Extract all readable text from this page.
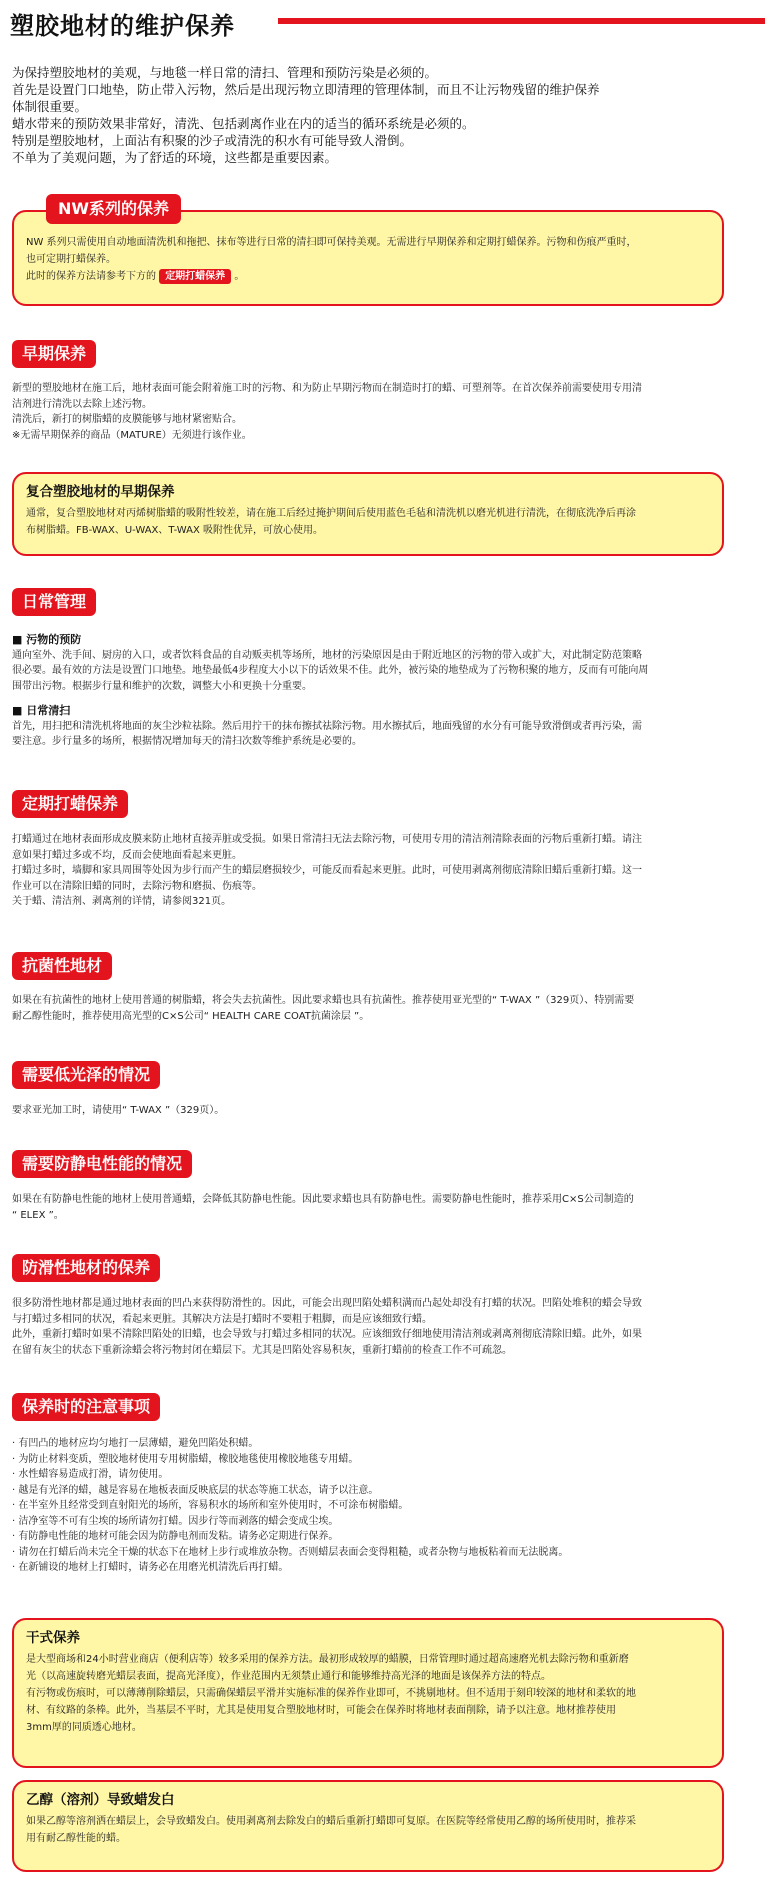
塑胶地材的维护保养

为保持塑胶地材的美观，与地毯一样日常的清扫、管理和预防污染是必须的。

首先是设置门口地垫，防止带入污物，然后是出现污物立即清理的管理体制，而且不让污物残留的维护保养

体制很重要。

蜡水带来的预防效果非常好，清洗、包括剥离作业在内的适当的循环系统是必须的。

特别是塑胶地材，上面沾有积聚的沙子或清洗的积水有可能导致人滑倒。

不单为了美观问题，为了舒适的环境，这些都是重要因素。

NW系列的保养

NW 系列只需使用自动地面清洗机和拖把、抹布等进行日常的清扫即可保持美观。无需进行早期保养和定期打蜡保养。污物和伤痕严重时，

也可定期打蜡保养。

此时的保养方法请参考下方的 定期打蜡保养 。

早期保养

新型的塑胶地材在施工后，地材表面可能会附着施工时的污物、和为防止早期污物而在制造时打的蜡、可塑剂等。在首次保养前需要使用专用清

洁剂进行清洗以去除上述污物。

清洗后，新打的树脂蜡的皮膜能够与地材紧密贴合。

※无需早期保养的商品（MATURE）无须进行该作业。

复合塑胶地材的早期保养

通常，复合塑胶地材对丙烯树脂蜡的吸附性较差，请在施工后经过掩护期间后使用蓝色毛毡和清洗机以磨光机进行清洗，在彻底洗净后再涂

布树脂蜡。FB-WAX、U-WAX、T-WAX 吸附性优异，可放心使用。

日常管理

■ 污物的预防

通向室外、洗手间、厨房的入口，或者饮料食品的自动贩卖机等场所，地材的污染原因是由于附近地区的污物的带入或扩大，对此制定防范策略

很必要。最有效的方法是设置门口地垫。地垫最低4步程度大小以下的话效果不佳。此外，被污染的地垫成为了污物积聚的地方，反而有可能向周

围带出污物。根据步行量和维护的次数，调整大小和更换十分重要。

■ 日常清扫

首先，用扫把和清洗机将地面的灰尘沙粒祛除。然后用拧干的抹布擦拭祛除污物。用水擦拭后，地面残留的水分有可能导致滑倒或者再污染，需

要注意。步行量多的场所，根据情况增加每天的清扫次数等维护系统是必要的。

定期打蜡保养

打蜡通过在地材表面形成皮膜来防止地材直接弄脏或受损。如果日常清扫无法去除污物，可使用专用的清洁剂清除表面的污物后重新打蜡。请注

意如果打蜡过多或不均，反而会使地面看起来更脏。

打蜡过多时，墙脚和家具周围等处因为步行而产生的蜡层磨损较少，可能反而看起来更脏。此时，可使用剥离剂彻底清除旧蜡后重新打蜡。这一

作业可以在清除旧蜡的同时，去除污物和磨损、伤痕等。

关于蜡、清洁剂、剥离剂的详情，请参阅321页。

抗菌性地材

如果在有抗菌性的地材上使用普通的树脂蜡，将会失去抗菌性。因此要求蜡也具有抗菌性。推荐使用亚光型的“ T-WAX ”（329页）、特别需要

耐乙醇性能时，推荐使用高光型的C×S公司“ HEALTH CARE COAT抗菌涂层 ”。

需要低光泽的情况

要求亚光加工时，请使用“ T-WAX ”（329页）。

需要防静电性能的情况

如果在有防静电性能的地材上使用普通蜡，会降低其防静电性能。因此要求蜡也具有防静电性。需要防静电性能时，推荐采用C×S公司制造的

“ ELEX ”。

防滑性地材的保养

很多防滑性地材都是通过地材表面的凹凸来获得防滑性的。因此，可能会出现凹陷处蜡积满而凸起处却没有打蜡的状况。凹陷处堆积的蜡会导致

与打蜡过多相同的状况，看起来更脏。其解决方法是打蜡时不要粗于粗脚，而是应该细致行蜡。

此外，重新打蜡时如果不清除凹陷处的旧蜡，也会导致与打蜡过多相同的状况。应该细致仔细地使用清洁剂或剥离剂彻底清除旧蜡。此外，如果

在留有灰尘的状态下重新涂蜡会将污物封闭在蜡层下。尤其是凹陷处容易积灰，重新打蜡前的检查工作不可疏忽。

保养时的注意事项

· 有凹凸的地材应均匀地打一层薄蜡，避免凹陷处积蜡。

· 为防止材料变质，塑胶地材使用专用树脂蜡，橡胶地毯使用橡胶地毯专用蜡。

· 水性蜡容易造成打滑，请勿使用。

· 越是有光泽的蜡，越是容易在地板表面反映底层的状态等施工状态，请予以注意。

· 在半室外且经常受到直射阳光的场所，容易积水的场所和室外使用时，不可涂布树脂蜡。

· 洁净室等不可有尘埃的场所请勿打蜡。因步行等而剥落的蜡会变成尘埃。

· 有防静电性能的地材可能会因为防静电剂而发粘。请务必定期进行保养。

· 请勿在打蜡后尚未完全干燥的状态下在地材上步行或堆放杂物。否则蜡层表面会变得粗糙，或者杂物与地板粘着而无法脱离。

· 在新铺设的地材上打蜡时，请务必在用磨光机清洗后再打蜡。

干式保养

是大型商场和24小时营业商店（便利店等）较多采用的保养方法。最初形成较厚的蜡膜，日常管理时通过超高速磨光机去除污物和重新磨

光（以高速旋转磨光蜡层表面，提高光泽度），作业范围内无须禁止通行和能够维持高光泽的地面是该保养方法的特点。

有污物或伤痕时，可以薄薄削除蜡层，只需确保蜡层平滑并实施标准的保养作业即可，不挑剔地材。但不适用于刻印较深的地材和柔软的地

材、有纹路的条棒。此外，当基层不平时，尤其是使用复合塑胶地材时，可能会在保养时将地材表面削除，请予以注意。地材推荐使用

3mm厚的同质透心地材。

乙醇（溶剂）导致蜡发白

如果乙醇等溶剂洒在蜡层上，会导致蜡发白。使用剥离剂去除发白的蜡后重新打蜡即可复原。在医院等经常使用乙醇的场所使用时，推荐采

用有耐乙醇性能的蜡。
